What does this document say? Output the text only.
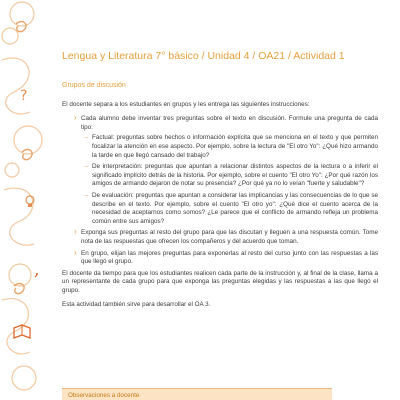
?
,
Lengua y Literatura 7° básico / Unidad 4 / OA21 / Actividad 1
Grupos de discusión

El docente separa a los estudiantes en grupos y les entrega las siguientes instrucciones:

› Cada alumno debe inventar tres preguntas sobre el texto en discusión. Formule una pregunta de cada tipo:
– Factual: preguntas sobre hechos o información explícita que se menciona en el texto y que permiten focalizar la atención en ese aspecto. Por ejemplo, sobre la lectura de "El otro Yo": ¿Qué hizo armando la tarde en que llegó cansado del trabajo?
– De interpretación: preguntas que apuntan a relacionar distintos aspectos de la lectura o a inferir el significado implícito detrás de la historia. Por ejemplo, sobre el cuento "El otro Yo": ¿Por qué razón los amigos de armando dejaron de notar su presencia? ¿Por qué ya no lo veían "fuerte y saludable"?
– De evaluación: preguntas que apuntan a considerar las implicancias y las consecuencias de lo que se describe en el texto. Por ejemplo, sobre el cuento "El otro yo": ¿Qué dice el cuento acerca de la necesidad de aceptarnos como somos? ¿Le parece que el conflicto de armando refleja un problema común entre sus amigos?
› Exponga sus preguntas al resto del grupo para que las discutan y lleguen a una respuesta común. Tome nota de las respuestas que ofrecen los compañeros y del acuerdo que toman.
› En grupo, elijan las mejores preguntas para exponerlas al resto del curso junto con las respuestas a las que llegó el grupo.

El docente da tiempo para que los estudiantes realicen cada parte de la instrucción y, al final de la clase, llama a un representante de cada grupo para que exponga las preguntas elegidas y las respuestas a las que llegó el grupo.

Esta actividad también sirve para desarrollar el OA 3.

Observaciones a docente
